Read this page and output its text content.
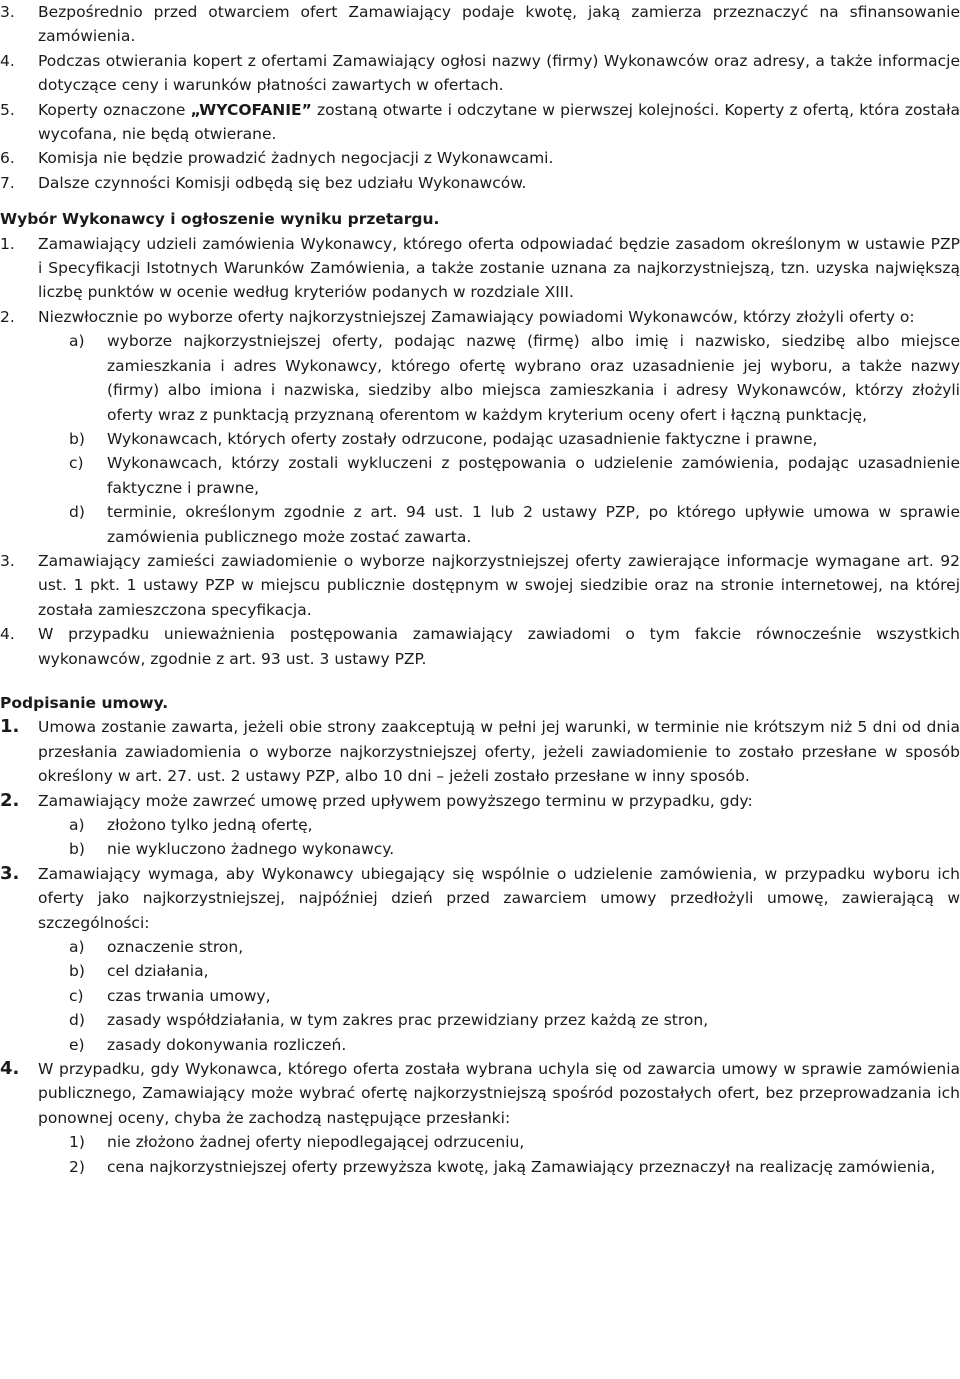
3.	Bezpośrednio przed otwarciem ofert Zamawiający podaje kwotę, jaką zamierza przeznaczyć na sfinansowanie zamówienia.
4.	Podczas otwierania kopert z ofertami Zamawiający ogłosi nazwy (firmy) Wykonawców oraz adresy, a także informacje dotyczące ceny i warunków płatności zawartych w ofertach.
5.	Koperty oznaczone „WYCOFANIE” zostaną otwarte i odczytane w pierwszej kolejności. Koperty z ofertą, która została wycofana, nie będą otwierane.
6.	Komisja nie będzie prowadzić żadnych negocjacji z Wykonawcami.
7.	Dalsze czynności Komisji odbędą się bez udziału Wykonawców.
Wybór Wykonawcy i ogłoszenie wyniku przetargu.
1.	Zamawiający udzieli zamówienia Wykonawcy, którego oferta odpowiadać będzie zasadom określonym w ustawie PZP i Specyfikacji Istotnych Warunków Zamówienia, a także zostanie uznana za najkorzystniejszą, tzn. uzyska największą liczbę punktów w ocenie według kryteriów podanych w rozdziale XIII.
2.	Niezwłocznie po wyborze oferty najkorzystniejszej Zamawiający powiadomi Wykonawców, którzy złożyli oferty o:
a)	wyborze najkorzystniejszej oferty, podając nazwę (firmę) albo imię i nazwisko, siedzibę albo miejsce zamieszkania i adres Wykonawcy, którego ofertę wybrano oraz uzasadnienie jej wyboru, a także nazwy (firmy) albo imiona i nazwiska, siedziby albo miejsca zamieszkania i adresy Wykonawców, którzy złożyli oferty wraz z punktacją przyznaną oferentom w każdym kryterium oceny ofert i łączną punktację,
b)	Wykonawcach, których oferty zostały odrzucone, podając uzasadnienie faktyczne i prawne,
c)	Wykonawcach, którzy zostali wykluczeni z postępowania o udzielenie zamówienia, podając uzasadnienie faktyczne i prawne,
d)	terminie, określonym zgodnie z art. 94 ust. 1 lub 2 ustawy PZP, po którego upływie umowa w sprawie zamówienia publicznego może zostać zawarta.
3.	Zamawiający zamieści zawiadomienie o wyborze najkorzystniejszej oferty zawierające informacje wymagane art. 92 ust. 1 pkt. 1 ustawy PZP w miejscu publicznie dostępnym w swojej siedzibie oraz na stronie internetowej, na której została zamieszczona specyfikacja.
4.	W przypadku unieważnienia postępowania zamawiający zawiadomi o tym fakcie równocześnie wszystkich wykonawców, zgodnie z art. 93 ust. 3 ustawy PZP.
Podpisanie umowy.
1.	Umowa zostanie zawarta, jeżeli obie strony zaakceptują w pełni jej warunki, w terminie nie krótszym niż 5 dni od dnia przesłania zawiadomienia o wyborze najkorzystniejszej oferty, jeżeli zawiadomienie to zostało przesłane w sposób określony w art. 27. ust. 2 ustawy PZP, albo 10 dni – jeżeli zostało przesłane w inny sposób.
2.	Zamawiający może zawrzeć umowę przed upływem powyższego terminu w przypadku, gdy:
a)	złożono tylko jedną ofertę,
b)	nie wykluczono żadnego wykonawcy.
3.	Zamawiający wymaga, aby Wykonawcy ubiegający się wspólnie o udzielenie zamówienia, w przypadku wyboru ich oferty jako najkorzystniejszej, najpóźniej dzień przed zawarciem umowy przedłożyli umowę, zawierającą w szczególności:
a)	oznaczenie stron,
b)	cel działania,
c)	czas trwania umowy,
d)	zasady współdziałania, w tym zakres prac przewidziany przez każdą ze stron,
e)	zasady dokonywania rozliczeń.
4.	W przypadku, gdy Wykonawca, którego oferta została wybrana uchyla się od zawarcia umowy w sprawie zamówienia publicznego, Zamawiający może wybrać ofertę najkorzystniejszą spośród pozostałych ofert, bez przeprowadzania ich ponownej oceny, chyba że zachodzą następujące przesłanki:
1)	nie złożono żadnej oferty niepodlegającej odrzuceniu,
2)	cena najkorzystniejszej oferty przewyższa kwotę, jaką Zamawiający przeznaczył na realizację zamówienia,
